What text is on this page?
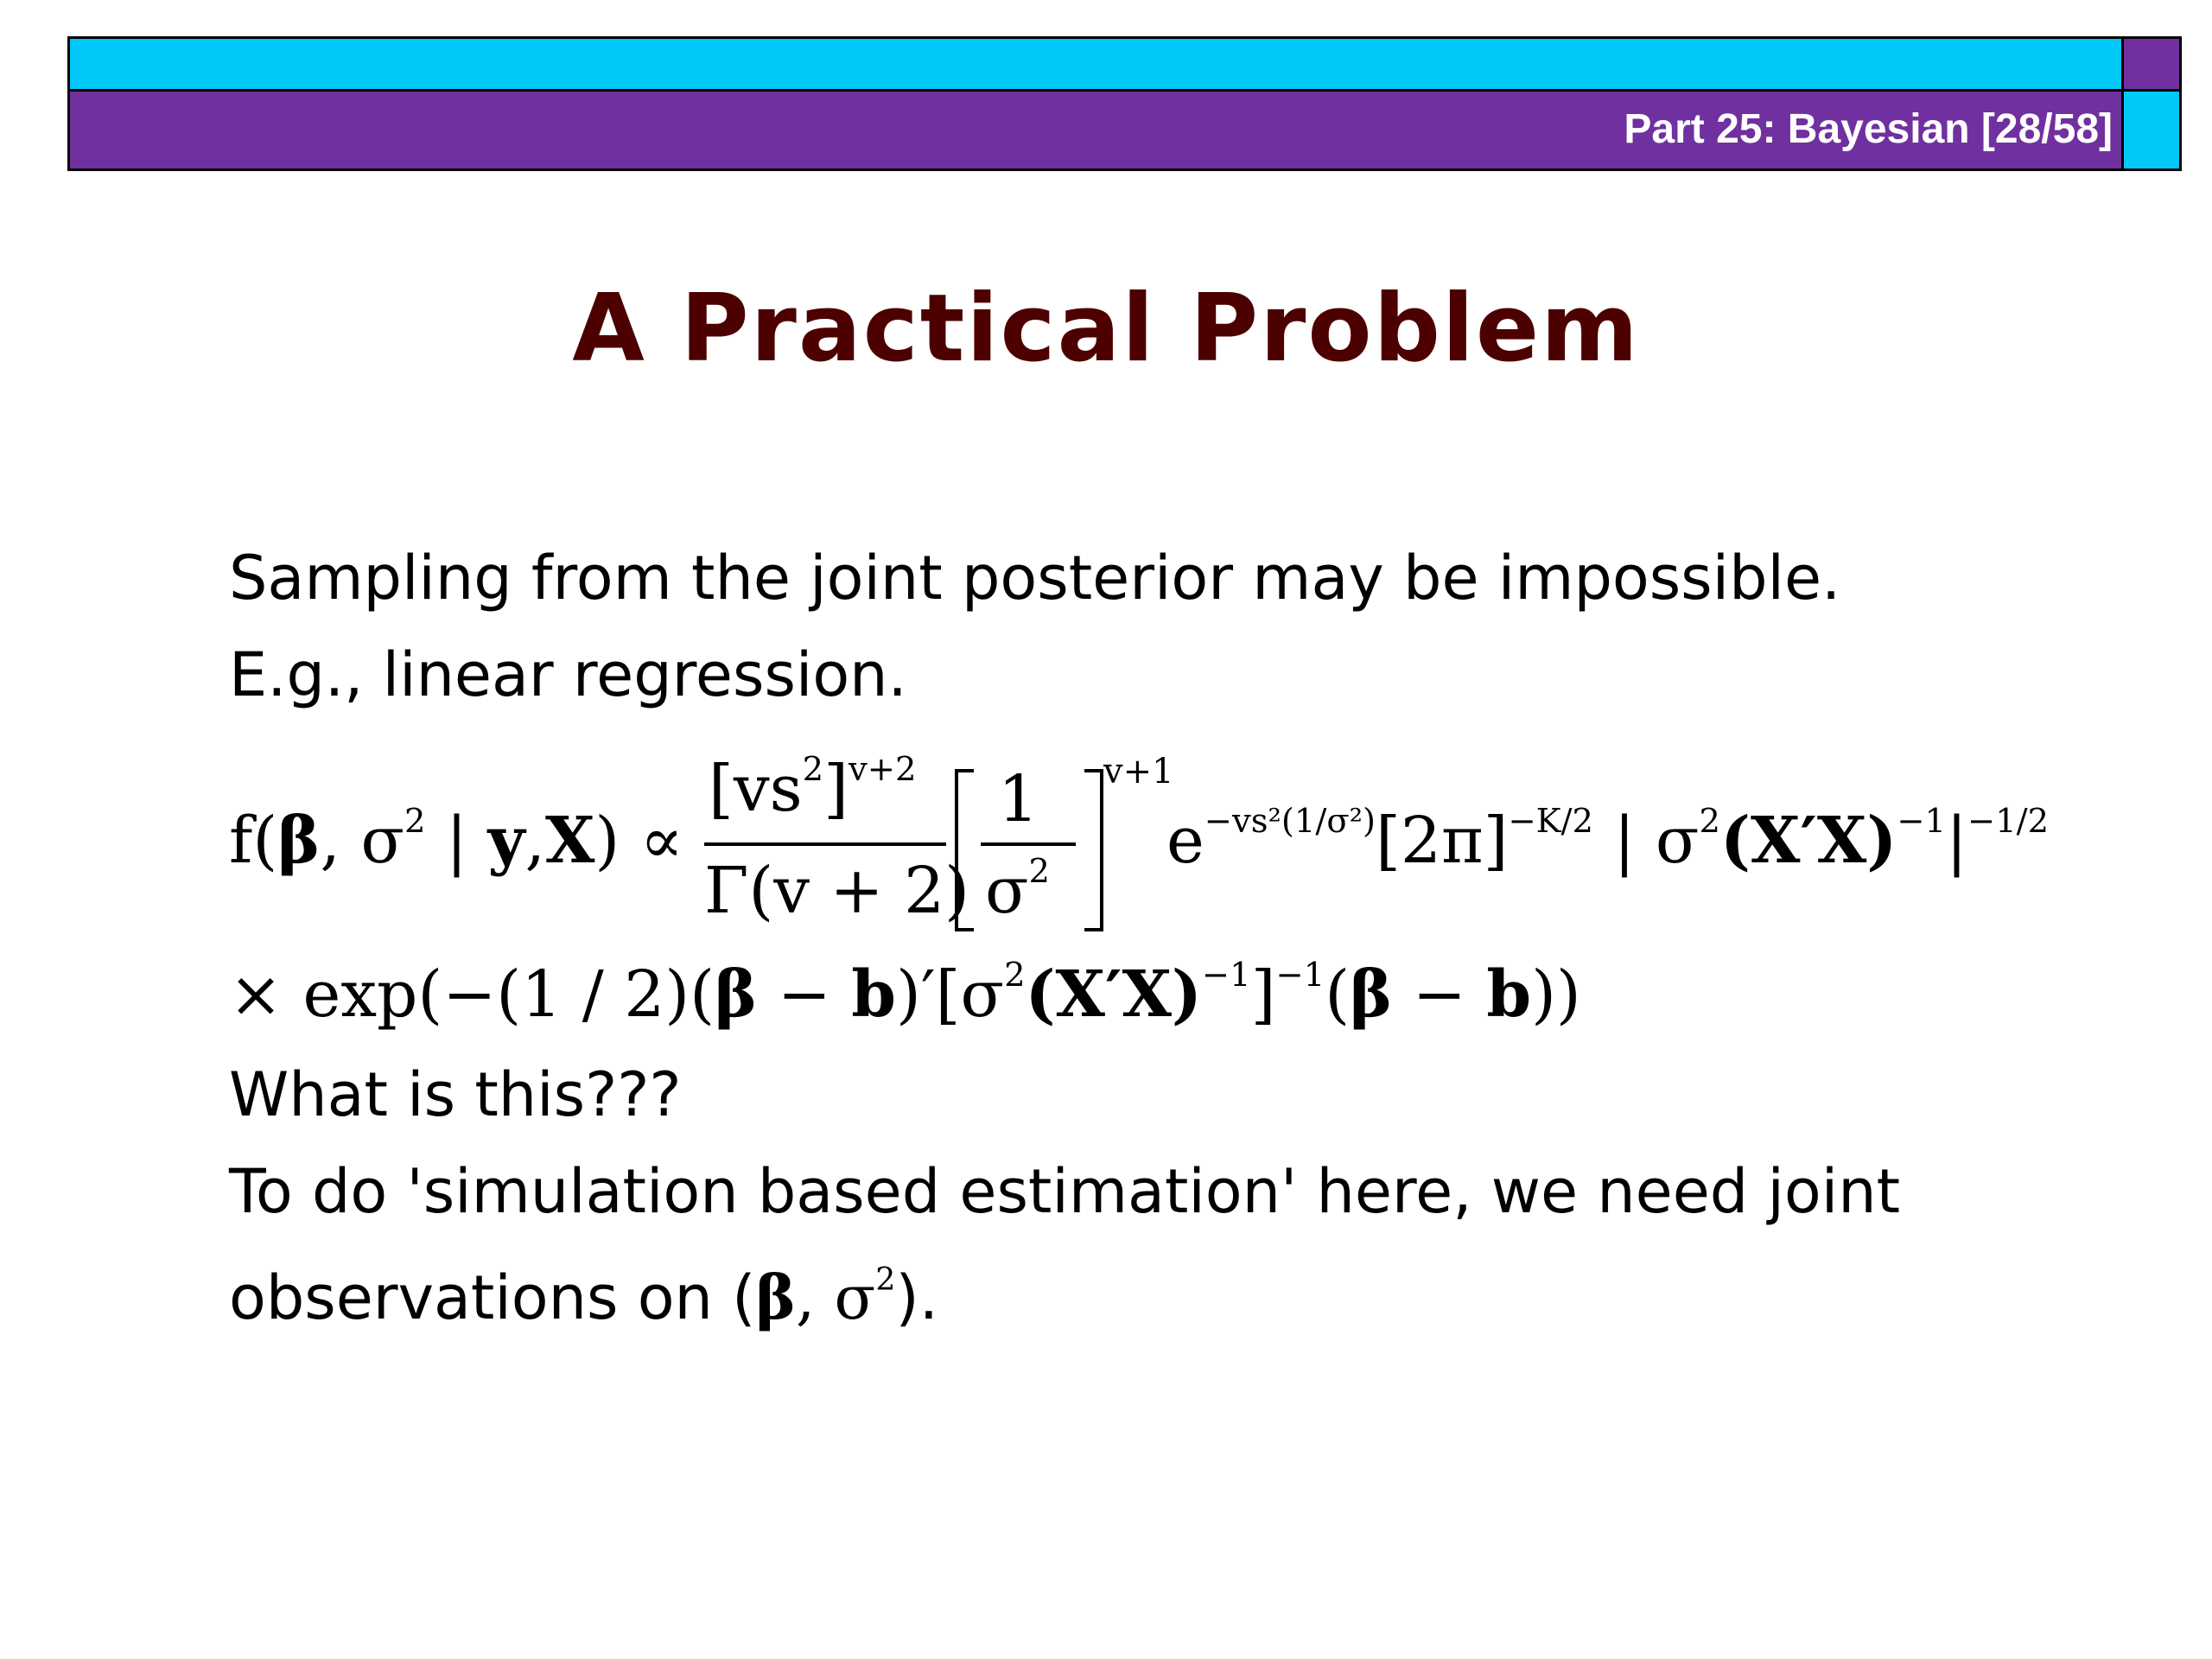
Part 25: Bayesian [28/58]
A Practical Problem
Sampling from the joint posterior may be impossible.
E.g., linear regression.
f(β, $\sigma^2$ | y,X) ∝
$[vs^2]^{v+2}$
Γ(v + 2)
1
$\sigma^2$
v+1
$e^{-vs^2(1/\sigma^2)}[2\pi]^{-K/2}$ | $\sigma^2(X'X)^{-1}|^{-1/2}$
× $\exp(-(1 / 2)(\beta - b)'[\sigma^2(X'X)^{-1}]^{-1}(\beta - b))$
What is this???
To do 'simulation based estimation' here, we need joint
observations on (β, $\sigma^2$).
